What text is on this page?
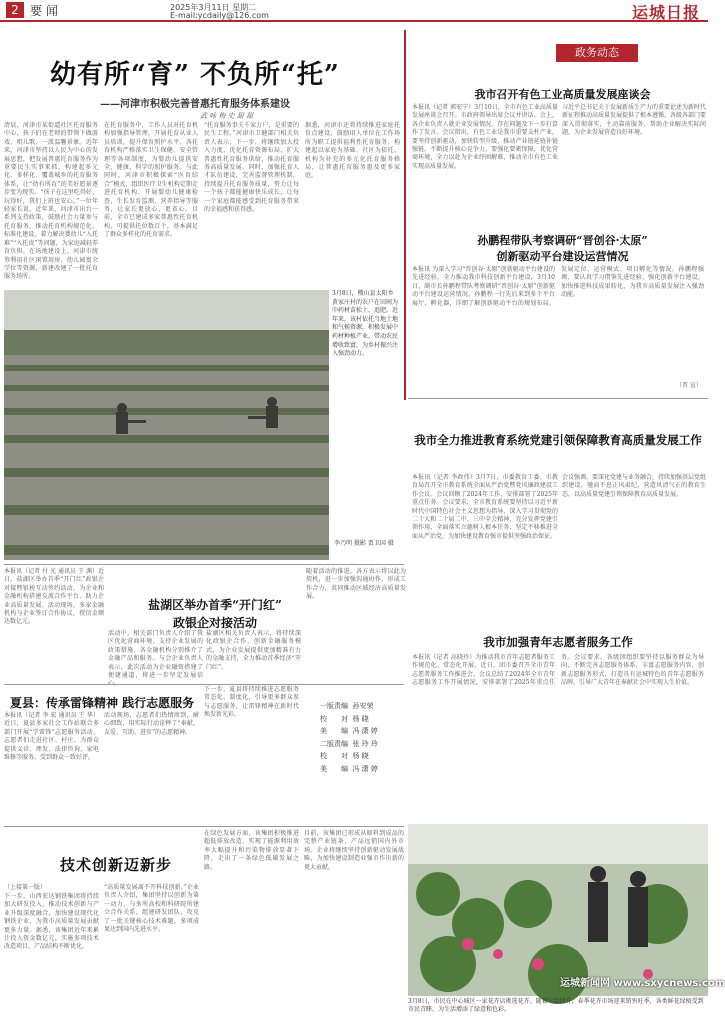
2 要 闻	2025年3月11日 星期二
E-mail:ycdaily@126.com	运城日报
幼有所“育” 不负所“托”
——河津市积极完善普惠托育服务体系建设
武 咏 梅 史 甜 甜
清晨，河津市某街道社区托育服务中心，孩子们在老师的带领下做游戏、唱儿歌，一派温馨景象。近年来，河津市坚持以人民为中心的发展思想，把发展普惠托育服务作为重要民生实事来抓，构建起多元化、多样化、覆盖城乡的托育服务体系，让“幼有所育”的美好愿景逐步变为现实。“孩子在这里吃得好、玩得好，我们上班也安心。”一位年轻家长说。近年来，河津市出台一系列支持政策，鼓励社会力量参与托育服务，推动托育机构规范化、标准化建设，着力解决婴幼儿“入托难”“入托贵”等问题，为家庭减轻养育负担。在场地建设上，河津市统筹利用社区闲置用房、幼儿园富余学位等资源，新建改建了一批托育服务场所。
在托育服务中，工作人员对托育机构加强指导管理，开展托育从业人员培训，提升保育照护水平。各托育机构严格落实卫生保健、安全管理等各项制度，为婴幼儿提供安全、健康、科学的照护服务。与此同时，河津市积极探索“医育结合”模式，组织医疗卫生机构定期走进托育机构，开展婴幼儿健康检查、生长发育监测、营养指导等服务，让家长更放心、更省心。目前，全市已建成多家普惠性托育机构，可提供托位数百个，基本满足了群众多样化的托育需求。
“托育服务事关千家万户，是重要的民生工程。”河津市卫健部门相关负责人表示，下一步，将继续加大投入力度，优化托育资源布局，扩大普惠性托育服务供给，推动托育服务高质量发展。同时，加强托育人才队伍建设，完善监督管理机制，持续提升托育服务质量，努力让每一个孩子都能健康快乐成长，让每一个家庭都能感受到托育服务带来的幸福感和获得感。
据悉，河津市还将持续推进家庭托育点建设，鼓励用人单位在工作场所为职工提供福利性托育服务，构建起以家庭为基础、社区为依托、机构为补充的多元化托育服务格局，让普惠托育服务惠及更多家庭。
3月8日，稷山县太阳乡黄家庄村的农户在田间为中药材苗松土、追肥。近年来，该村依托当地土地和气候资源，积极发展中药材种植产业，带动农民增收致富，为乡村振兴注入强劲动力。
李乃明 摄影 贾卫国 摄
政务动态
我市召开有色工业高质量发展座谈会
本报讯（记者 郭宏宁）3月10日，全市有色工业高质量发展座谈会召开。市政府领导出席会议并讲话。会上，各企业负责人就企业发展情况、存在问题及下一步打算作了发言。会议指出，有色工业是我市重要支柱产业，要坚持创新驱动，加快转型升级，推动产业链延链补链强链，不断提升核心竞争力。要强化要素保障，优化营商环境，全力以赴为企业纾困解难，推动全市有色工业实现高质量发展。
习近平总书记关于发展新质生产力的重要论述为新时代新征程推动高质量发展提供了根本遵循。各级各部门要深入贯彻落实，主动靠前服务，帮助企业解决实际问题，为企业发展营造良好环境。
孙鹏程带队考察调研“晋创谷·太原”
创新驱动平台建设运营情况
本报讯 为深入学习“晋创谷·太原”创新驱动平台建设的先进经验，全力推动我市科技创新平台建设，3月10日，副市长孙鹏程带队考察调研“晋创谷·太原”创新驱动平台建设运营情况。孙鹏程一行先后来到多个平台展厅、孵化器，详细了解创新驱动平台的规划布局、发展定位、运营模式、项目孵化等情况。孙鹏程强调，要认真学习借鉴先进经验，强化创新平台建设，加快推进科技成果转化，为我市高质量发展注入强劲动能。
（晋 宣）
我市全力推进教育系统党建引领保障教育高质量发展工作
本报讯（记者 李政伟）3月7日，市委教育工委、市教育局召开全市教育系统全面从严治党暨党风廉政建设工作会议。会议回顾了2024年工作，安排部署了2025年重点任务。会议要求，全市教育系统要坚持以习近平新时代中国特色社会主义思想为指导，深入学习贯彻党的二十大和二十届二中、三中全会精神，充分发挥党建引领作用，全面落实立德树人根本任务，坚定不移推进全面从严治党，为加快建设教育强市提供坚强政治保证。
会议强调，要深化党建与业务融合，持续加强基层党组织建设，驰而不息正风肃纪，营造风清气正的教育生态，以高质量党建引领保障教育高质量发展。
我市加强青年志愿者服务工作
本报讯（记者 高晓玲）为推动我市青年志愿者服务工作规范化、常态化开展，近日，团市委召开全市青年志愿者服务工作推进会。会议总结了2024年全市青年志愿服务工作开展情况，安排部署了2025年重点任务。会议要求，各级团组织要坚持以服务群众为导向，不断完善志愿服务体系，丰富志愿服务内容，创新志愿服务形式，打造具有运城特色的青年志愿服务品牌，引导广大青年在奉献社会中实现人生价值。
本报讯（记者 付 光 通讯员 王 渊）近日，盐湖区举办首季“开门红”政银企对接暨银税互动签约活动，为企业和金融机构搭建交流合作平台，助力企业高质量发展。活动现场，多家金融机构与企业签订合作协议，授信金额达数亿元。
盐湖区举办首季“开门红”
政银企对接活动
活动中，相关部门负责人介绍了我区优化营商环境、支持企业发展的政策措施，各金融机构分别推介了金融产品和服务。与会企业负责人表示，此次活动为企业融资搭建了便捷通道，将进一步坚定发展信
盐湖区相关负责人表示，将持续深化政银企合作，创新金融服务模式，为企业发展提供更加精准有力的金融支持，全力推动首季经济“开门红”。
随着活动的推进，各方表示将以此为契机，进一步加强沟通协作，形成工作合力，共同推动区域经济高质量发展。
夏县：传承雷锋精神 践行志愿服务
本报讯（记者 李 宏 通讯员 王 华）近日，夏县多家社会工作站联合多部门开展“学雷锋”志愿服务活动，志愿者们走进社区、村庄，为群众提供义诊、理发、法律咨询、家电维修等服务，受到群众一致好评。
活动现场，志愿者们热情周到，耐心细致，用实际行动诠释了“奉献、友爱、互助、进步”的志愿精神。
下一步，夏县将持续推进志愿服务常态化、制度化，引导更多群众参与志愿服务，让雷锋精神在新时代焕发新光彩。
一版责编 孙安荣
校　　对 杨 晓
美　　编 冯 潇 婷
二版责编 张 玲 玲
校　　对 杨 晓
美　　编 冯 潇 婷
技术创新迈新步
（上接第一版）
下一步，山西宏达钢铁集团将持续加大研发投入，推动技术创新与产业升级深度融合，加快建设现代化钢铁企业，为我市高质量发展贡献更多力量。据悉，该集团近年来累计投入资金数亿元，实施多项技术改造项目，产品结构不断优化。
“高质量发展离不开科技创新。”企业负责人介绍，集团坚持以创新为第一动力，与多所高校和科研院所建立合作关系，组建研发团队，攻克了一批关键核心技术难题，多项成果达到国内先进水平。
在绿色发展方面，该集团积极推进超低排放改造，实现了能源利用效率大幅提升和污染物排放显著下降，走出了一条绿色低碳发展之路。
目前，该集团已形成从原料到成品的完整产业链条，产品远销国内外市场。企业将继续坚持创新驱动发展战略，为加快建设制造业强市作出新的更大贡献。
运城新闻网 www.sxycnews.com
3月8日，市民在中心城区一家花卉店挑选花卉。随着气温回升，春季花卉市场迎来销售旺季，各类鲜花绿植受到市民青睐，为生活增添了绿意和色彩。
